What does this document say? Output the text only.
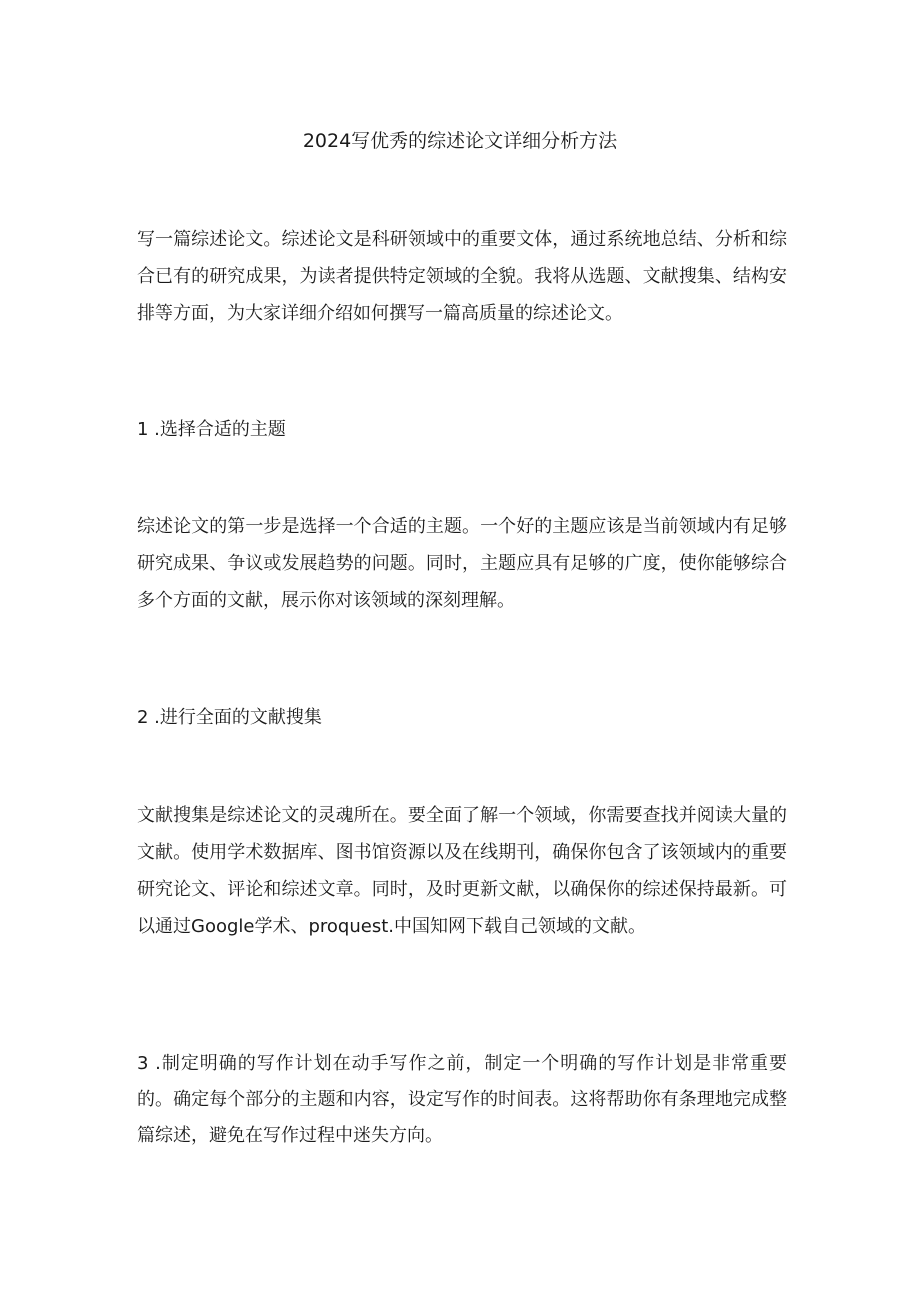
2024写优秀的综述论文详细分析方法

写一篇综述论文。综述论文是科研领域中的重要文体，通过系统地总结、分析和综合已有的研究成果，为读者提供特定领域的全貌。我将从选题、文献搜集、结构安排等方面，为大家详细介绍如何撰写一篇高质量的综述论文。

1 .选择合适的主题

综述论文的第一步是选择一个合适的主题。一个好的主题应该是当前领域内有足够研究成果、争议或发展趋势的问题。同时，主题应具有足够的广度，使你能够综合多个方面的文献，展示你对该领域的深刻理解。

2 .进行全面的文献搜集

文献搜集是综述论文的灵魂所在。要全面了解一个领域，你需要查找并阅读大量的文献。使用学术数据库、图书馆资源以及在线期刊，确保你包含了该领域内的重要研究论文、评论和综述文章。同时，及时更新文献，以确保你的综述保持最新。可以通过Google学术、proquest.中国知网下载自己领域的文献。

3 .制定明确的写作计划在动手写作之前，制定一个明确的写作计划是非常重要的。确定每个部分的主题和内容，设定写作的时间表。这将帮助你有条理地完成整篇综述，避免在写作过程中迷失方向。
